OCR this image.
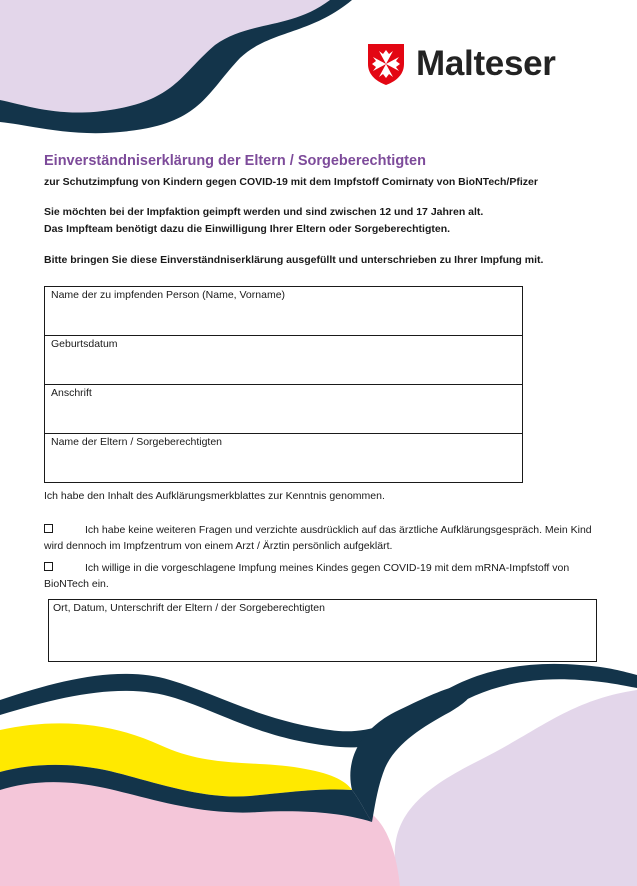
Malteser
Einverständniserklärung der Eltern / Sorgeberechtigten
zur Schutzimpfung von Kindern gegen COVID-19 mit dem Impfstoff Comirnaty von BioNTech/Pfizer
Sie möchten bei der Impfaktion geimpft werden und sind zwischen 12 und 17 Jahren alt.
Das Impfteam benötigt dazu die Einwilligung Ihrer Eltern oder Sorgeberechtigten.
Bitte bringen Sie diese Einverständniserklärung ausgefüllt und unterschrieben zu Ihrer Impfung mit.
Name der zu impfenden Person (Name, Vorname)
Geburtsdatum
Anschrift
Name der Eltern / Sorgeberechtigten
Ich habe den Inhalt des Aufklärungsmerkblattes zur Kenntnis genommen.
Ich habe keine weiteren Fragen und verzichte ausdrücklich auf das ärztliche Aufklärungsgespräch. Mein Kind wird dennoch im Impfzentrum von einem Arzt / Ärztin persönlich aufgeklärt.
Ich willige in die vorgeschlagene Impfung meines Kindes gegen COVID-19 mit dem mRNA-Impfstoff von BioNTech ein.
Ort, Datum, Unterschrift der Eltern / der Sorgeberechtigten
